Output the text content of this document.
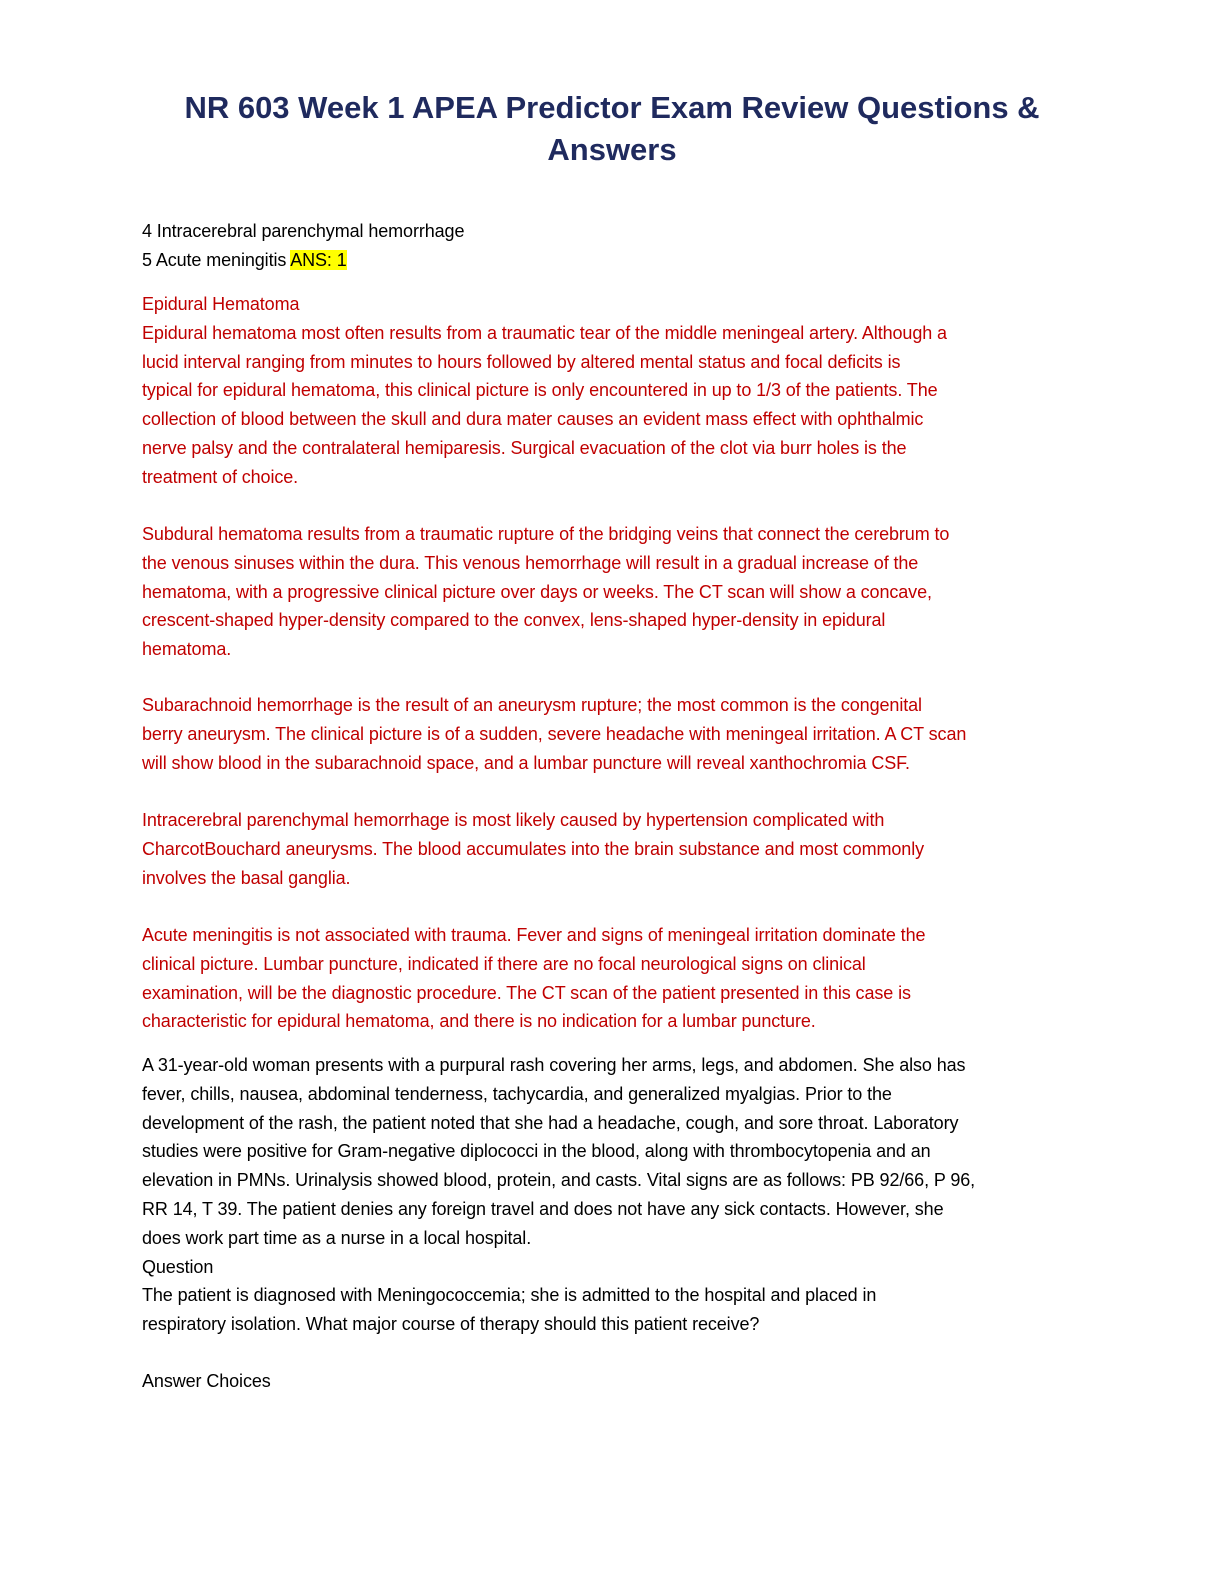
NR 603 Week 1 APEA Predictor Exam Review Questions &
Answers
4 Intracerebral parenchymal hemorrhage
5 Acute meningitis ANS: 1
Epidural Hematoma
Epidural hematoma most often results from a traumatic tear of the middle meningeal artery. Although a
lucid interval ranging from minutes to hours followed by altered mental status and focal deficits is
typical for epidural hematoma, this clinical picture is only encountered in up to 1/3 of the patients. The
collection of blood between the skull and dura mater causes an evident mass effect with ophthalmic
nerve palsy and the contralateral hemiparesis. Surgical evacuation of the clot via burr holes is the
treatment of choice.
Subdural hematoma results from a traumatic rupture of the bridging veins that connect the cerebrum to
the venous sinuses within the dura. This venous hemorrhage will result in a gradual increase of the
hematoma, with a progressive clinical picture over days or weeks. The CT scan will show a concave,
crescent-shaped hyper-density compared to the convex, lens-shaped hyper-density in epidural
hematoma.
Subarachnoid hemorrhage is the result of an aneurysm rupture; the most common is the congenital
berry aneurysm. The clinical picture is of a sudden, severe headache with meningeal irritation. A CT scan
will show blood in the subarachnoid space, and a lumbar puncture will reveal xanthochromia CSF.
Intracerebral parenchymal hemorrhage is most likely caused by hypertension complicated with
CharcotBouchard aneurysms. The blood accumulates into the brain substance and most commonly
involves the basal ganglia.
Acute meningitis is not associated with trauma. Fever and signs of meningeal irritation dominate the
clinical picture. Lumbar puncture, indicated if there are no focal neurological signs on clinical
examination, will be the diagnostic procedure. The CT scan of the patient presented in this case is
characteristic for epidural hematoma, and there is no indication for a lumbar puncture.
A 31-year-old woman presents with a purpural rash covering her arms, legs, and abdomen. She also has
fever, chills, nausea, abdominal tenderness, tachycardia, and generalized myalgias. Prior to the
development of the rash, the patient noted that she had a headache, cough, and sore throat. Laboratory
studies were positive for Gram-negative diplococci in the blood, along with thrombocytopenia and an
elevation in PMNs. Urinalysis showed blood, protein, and casts. Vital signs are as follows: PB 92/66, P 96,
RR 14, T 39. The patient denies any foreign travel and does not have any sick contacts. However, she
does work part time as a nurse in a local hospital.
Question
The patient is diagnosed with Meningococcemia; she is admitted to the hospital and placed in
respiratory isolation. What major course of therapy should this patient receive?
Answer Choices
